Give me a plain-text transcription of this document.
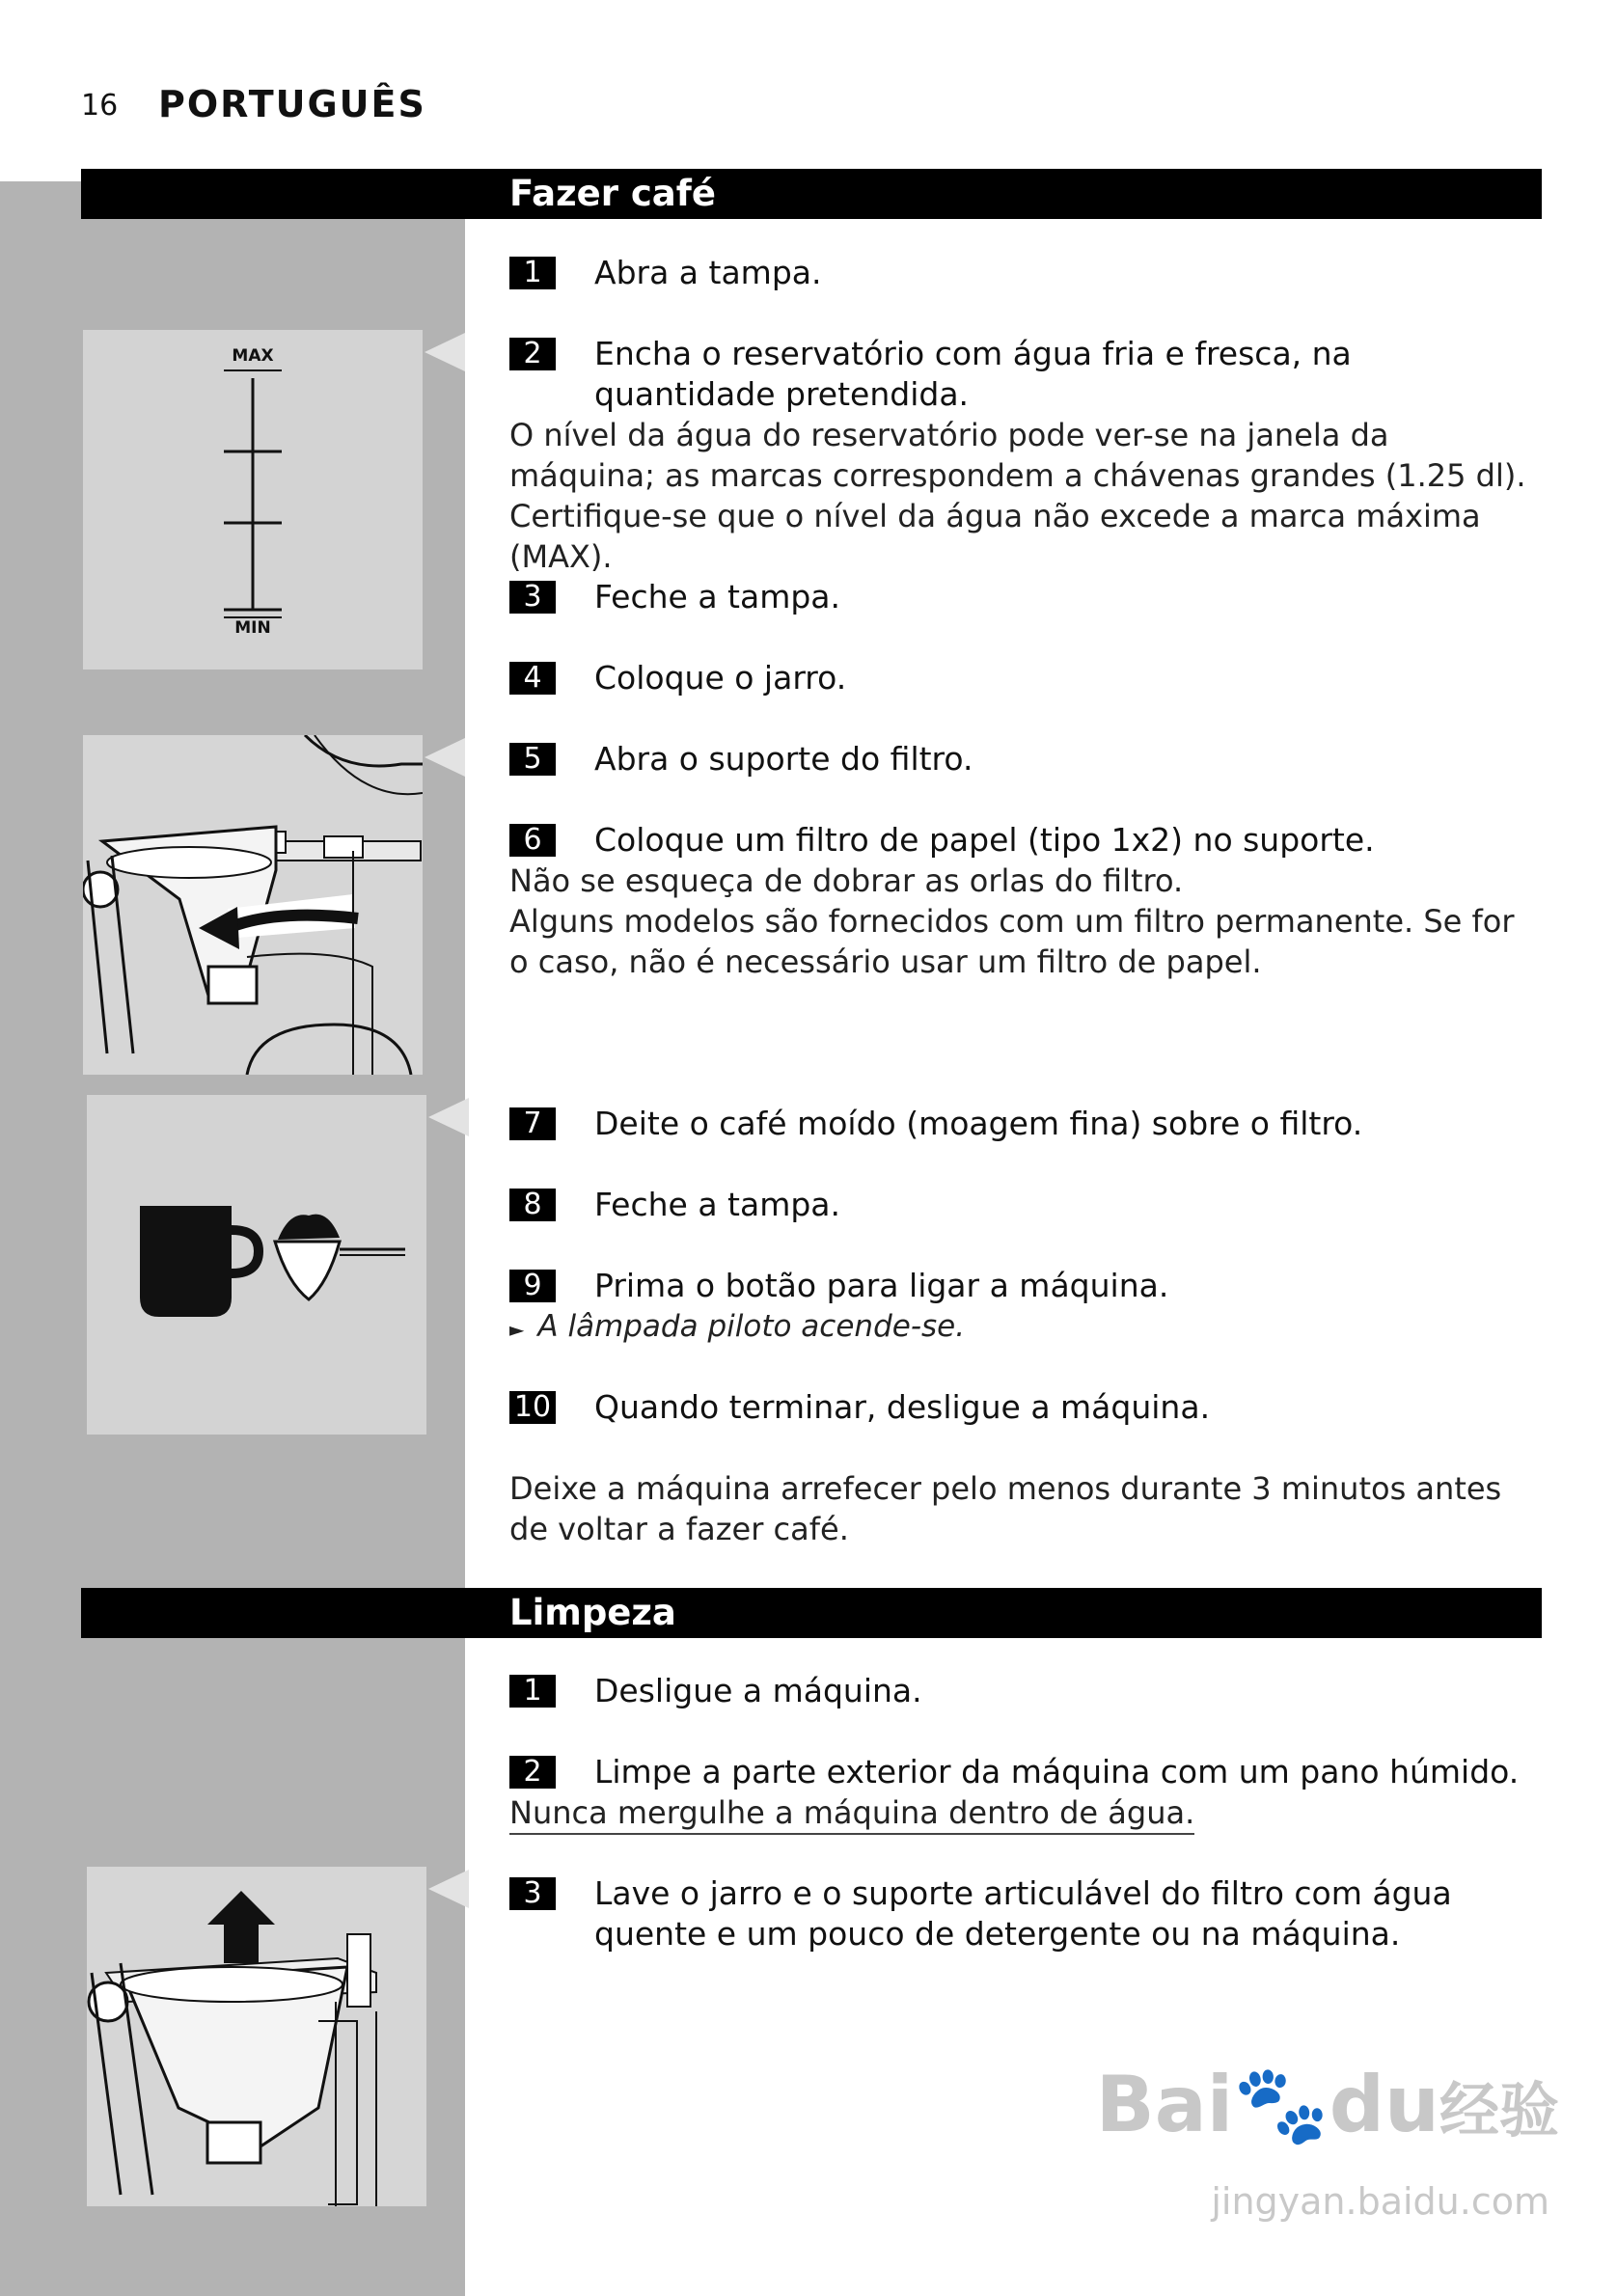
16 PORTUGUÊS
Fazer café
MAX
MIN
1	Abra a tampa.
2	Encha o reservatório com água fria e fresca, na quantidade pretendida.
O nível da água do reservatório pode ver-se na janela da máquina; as marcas correspondem a chávenas grandes (1.25 dl). Certifique-se que o nível da água não excede a marca máxima (MAX).
3	Feche a tampa.
4	Coloque o jarro.
5	Abra o suporte do filtro.
6	Coloque um filtro de papel (tipo 1x2) no suporte.
Não se esqueça de dobrar as orlas do filtro.
Alguns modelos são fornecidos com um filtro permanente. Se for o caso, não é necessário usar um filtro de papel.
7	Deite o café moído (moagem fina) sobre o filtro.
8	Feche a tampa.
9	Prima o botão para ligar a máquina.
► A lâmpada piloto acende-se.
10 Quando terminar, desligue a máquina.
Deixe a máquina arrefecer pelo menos durante 3 minutos antes de voltar a fazer café.
Limpeza
1	Desligue a máquina.
2	Limpe a parte exterior da máquina com um pano húmido.
Nunca mergulhe a máquina dentro de água.
3	Lave o jarro e o suporte articulável do filtro com água quente e um pouco de detergente ou na máquina.
Bai🐾du经验
jingyan.baidu.com
